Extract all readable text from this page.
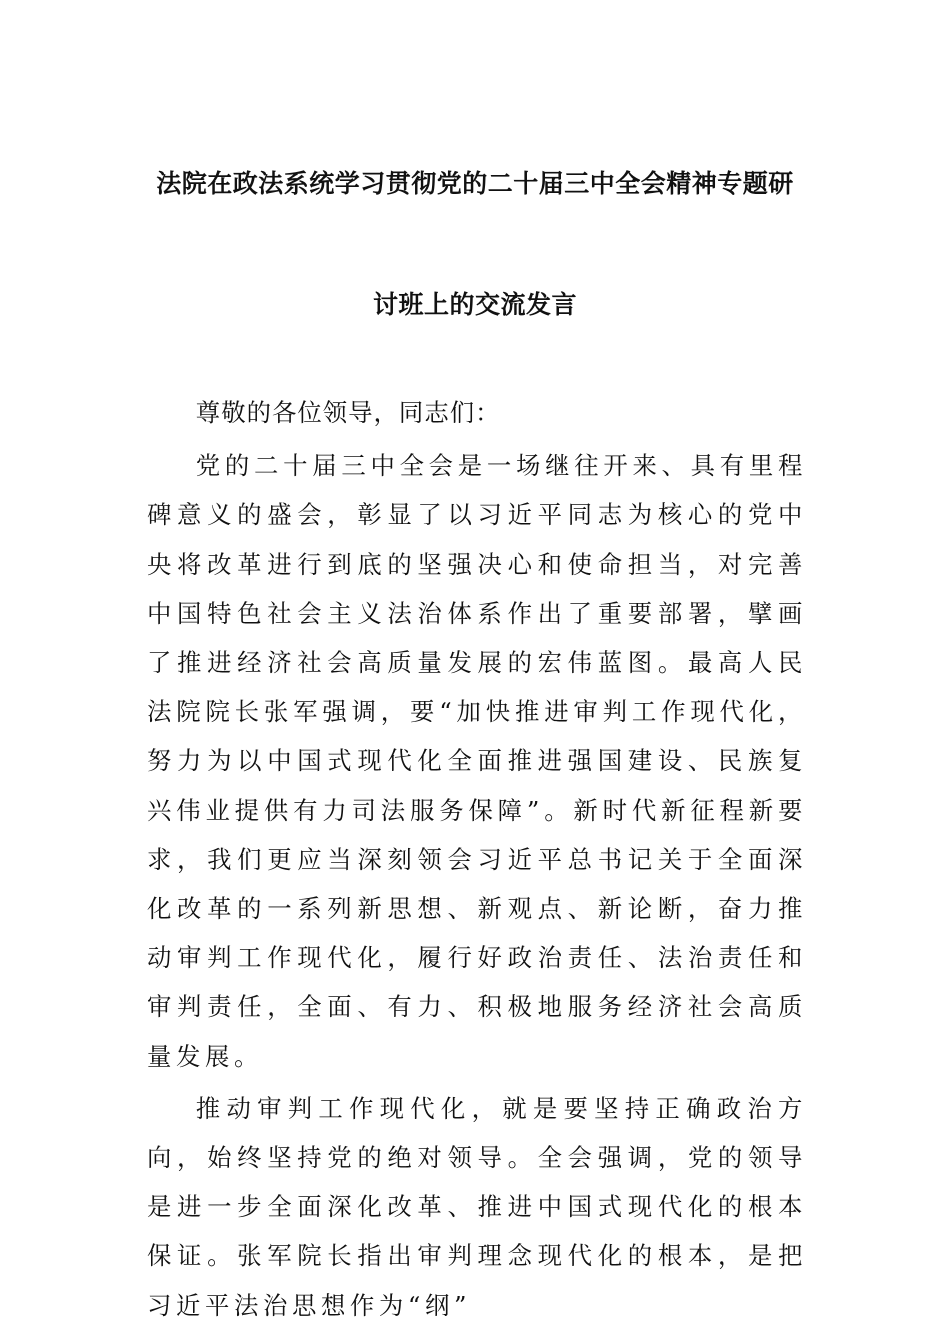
法院在政法系统学习贯彻党的二十届三中全会精神专题研
讨班上的交流发言

尊敬的各位领导，同志们：

党的二十届三中全会是一场继往开来、具有里程碑意义的盛会，彰显了以习近平同志为核心的党中央将改革进行到底的坚强决心和使命担当，对完善中国特色社会主义法治体系作出了重要部署，擘画了推进经济社会高质量发展的宏伟蓝图。最高人民法院院长张军强调，要“加快推进审判工作现代化，努力为以中国式现代化全面推进强国建设、民族复兴伟业提供有力司法服务保障”。新时代新征程新要求，我们更应当深刻领会习近平总书记关于全面深化改革的一系列新思想、新观点、新论断，奋力推动审判工作现代化，履行好政治责任、法治责任和审判责任，全面、有力、积极地服务经济社会高质量发展。

推动审判工作现代化，就是要坚持正确政治方向，始终坚持党的绝对领导。全会强调，党的领导是进一步全面深化改革、推进中国式现代化的根本保证。张军院长指出审判理念现代化的根本，是把习近平法治思想作为“纲”
